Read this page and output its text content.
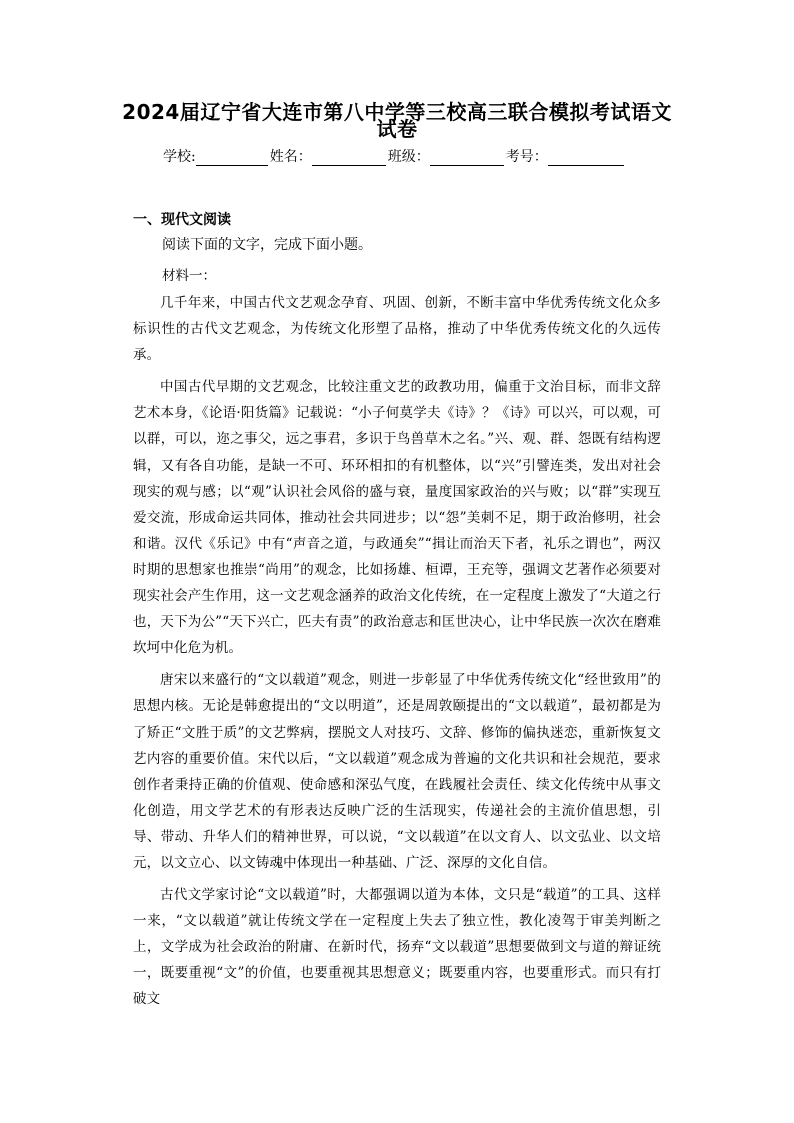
2024届辽宁省大连市第八中学等三校高三联合模拟考试语文
试卷
学校:	姓名：	班级：	考号：
一、现代文阅读
阅读下面的文字，完成下面小题。
材料一：

几千年来，中国古代文艺观念孕育、巩固、创新，不断丰富中华优秀传统文化众多标识性的古代文艺观念，为传统文化形塑了品格，推动了中华优秀传统文化的久远传承。

中国古代早期的文艺观念，比较注重文艺的政教功用，偏重于文治目标，而非文辞艺术本身，《论语·阳货篇》记载说：“小子何莫学夫《诗》？《诗》可以兴，可以观，可以群，可以，迩之事父，远之事君，多识于鸟兽草木之名。”兴、观、群、怨既有结构逻辑，又有各自功能，是缺一不可、环环相扣的有机整体，以“兴”引譬连类，发出对社会现实的观与感；以“观”认识社会风俗的盛与衰，量度国家政治的兴与败；以“群”实现互爱交流，形成命运共同体，推动社会共同进步；以“怨”美刺不足，期于政治修明，社会和谐。汉代《乐记》中有“声音之道，与政通矣”“揖让而治天下者，礼乐之谓也”，两汉时期的思想家也推崇“尚用”的观念，比如扬雄、桓谭，王充等，强调文艺著作必须要对现实社会产生作用，这一文艺观念涵养的政治文化传统，在一定程度上激发了“大道之行也，天下为公”“天下兴亡，匹夫有责”的政治意志和匡世决心，让中华民族一次次在磨难坎坷中化危为机。

唐宋以来盛行的“文以载道”观念，则进一步彰显了中华优秀传统文化“经世致用”的思想内核。无论是韩愈提出的“文以明道”，还是周敦颐提出的“文以载道”，最初都是为了矫正“文胜于质”的文艺弊病，摆脱文人对技巧、文辞、修饰的偏执迷恋，重新恢复文艺内容的重要价值。宋代以后，“文以载道”观念成为普遍的文化共识和社会规范，要求创作者秉持正确的价值观、使命感和深弘气度，在践履社会责任、续文化传统中从事文化创造，用文学艺术的有形表达反映广泛的生活现实，传递社会的主流价值思想，引导、带动、升华人们的精神世界，可以说，“文以载道”在以文育人、以文弘业、以文培元，以文立心、以文铸魂中体现出一种基础、广泛、深厚的文化自信。

古代文学家讨论“文以载道”时，大都强调以道为本体，文只是“载道”的工具、这样一来，“文以载道”就让传统文学在一定程度上失去了独立性，教化凌驾于审美判断之上，文学成为社会政治的附庸、在新时代，扬弃“文以载道”思想要做到文与道的辩证统一，既要重视“文”的价值，也要重视其思想意义；既要重内容，也要重形式。而只有打破文
